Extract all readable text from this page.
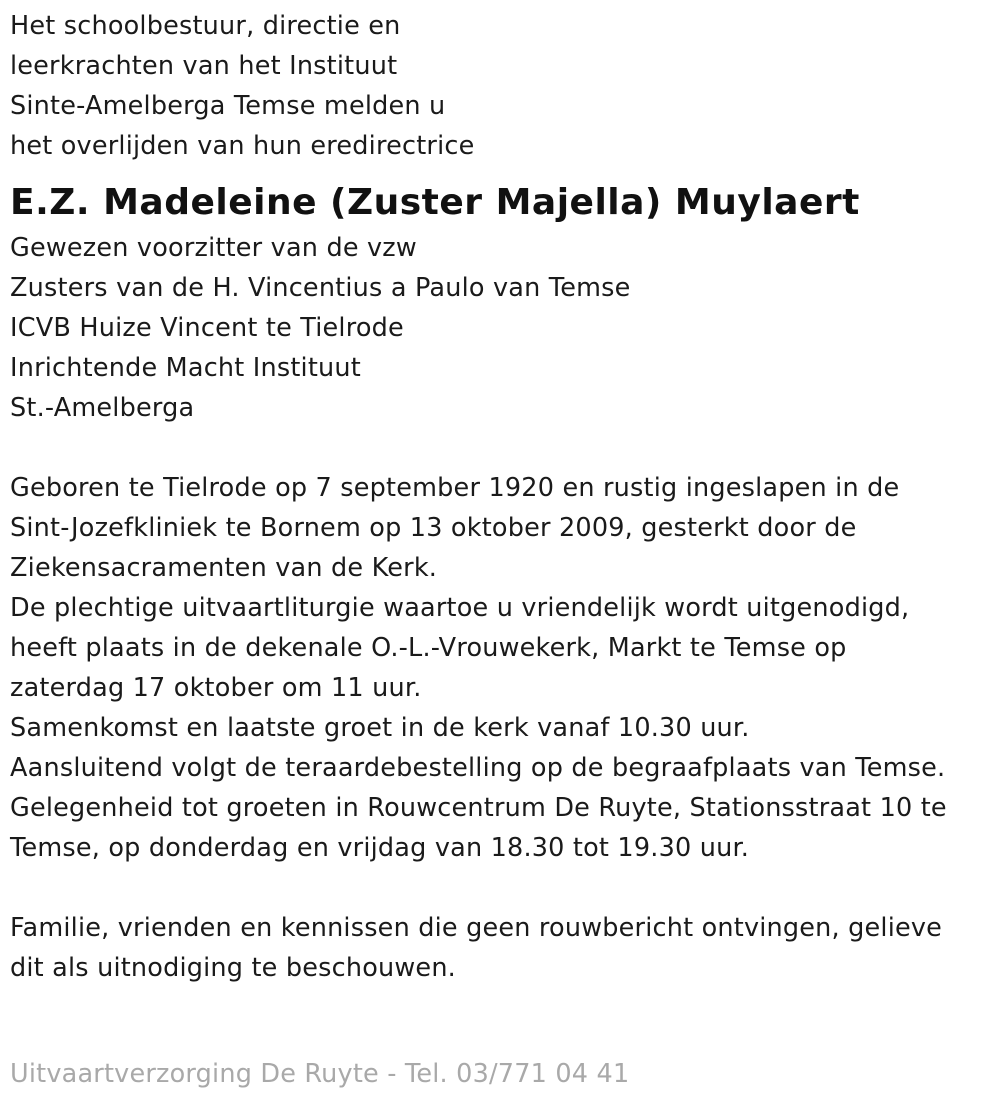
Het schoolbestuur, directie en
leerkrachten van het Instituut
Sinte-Amelberga Temse melden u
het overlijden van hun eredirectrice
E.Z. Madeleine (Zuster Majella) Muylaert
Gewezen voorzitter van de vzw
Zusters van de H. Vincentius a Paulo van Temse
ICVB Huize Vincent te Tielrode
Inrichtende Macht Instituut
St.-Amelberga
Geboren te Tielrode op 7 september 1920 en rustig ingeslapen in de
Sint-Jozefkliniek te Bornem op 13 oktober 2009, gesterkt door de
Ziekensacramenten van de Kerk.
De plechtige uitvaartliturgie waartoe u vriendelijk wordt uitgenodigd,
heeft plaats in de dekenale O.-L.-Vrouwekerk, Markt te Temse op
zaterdag 17 oktober om 11 uur.
Samenkomst en laatste groet in de kerk vanaf 10.30 uur.
Aansluitend volgt de teraardebestelling op de begraafplaats van Temse.
Gelegenheid tot groeten in Rouwcentrum De Ruyte, Stationsstraat 10 te
Temse, op donderdag en vrijdag van 18.30 tot 19.30 uur.
Familie, vrienden en kennissen die geen rouwbericht ontvingen, gelieve
dit als uitnodiging te beschouwen.
Uitvaartverzorging De Ruyte - Tel. 03/771 04 41
